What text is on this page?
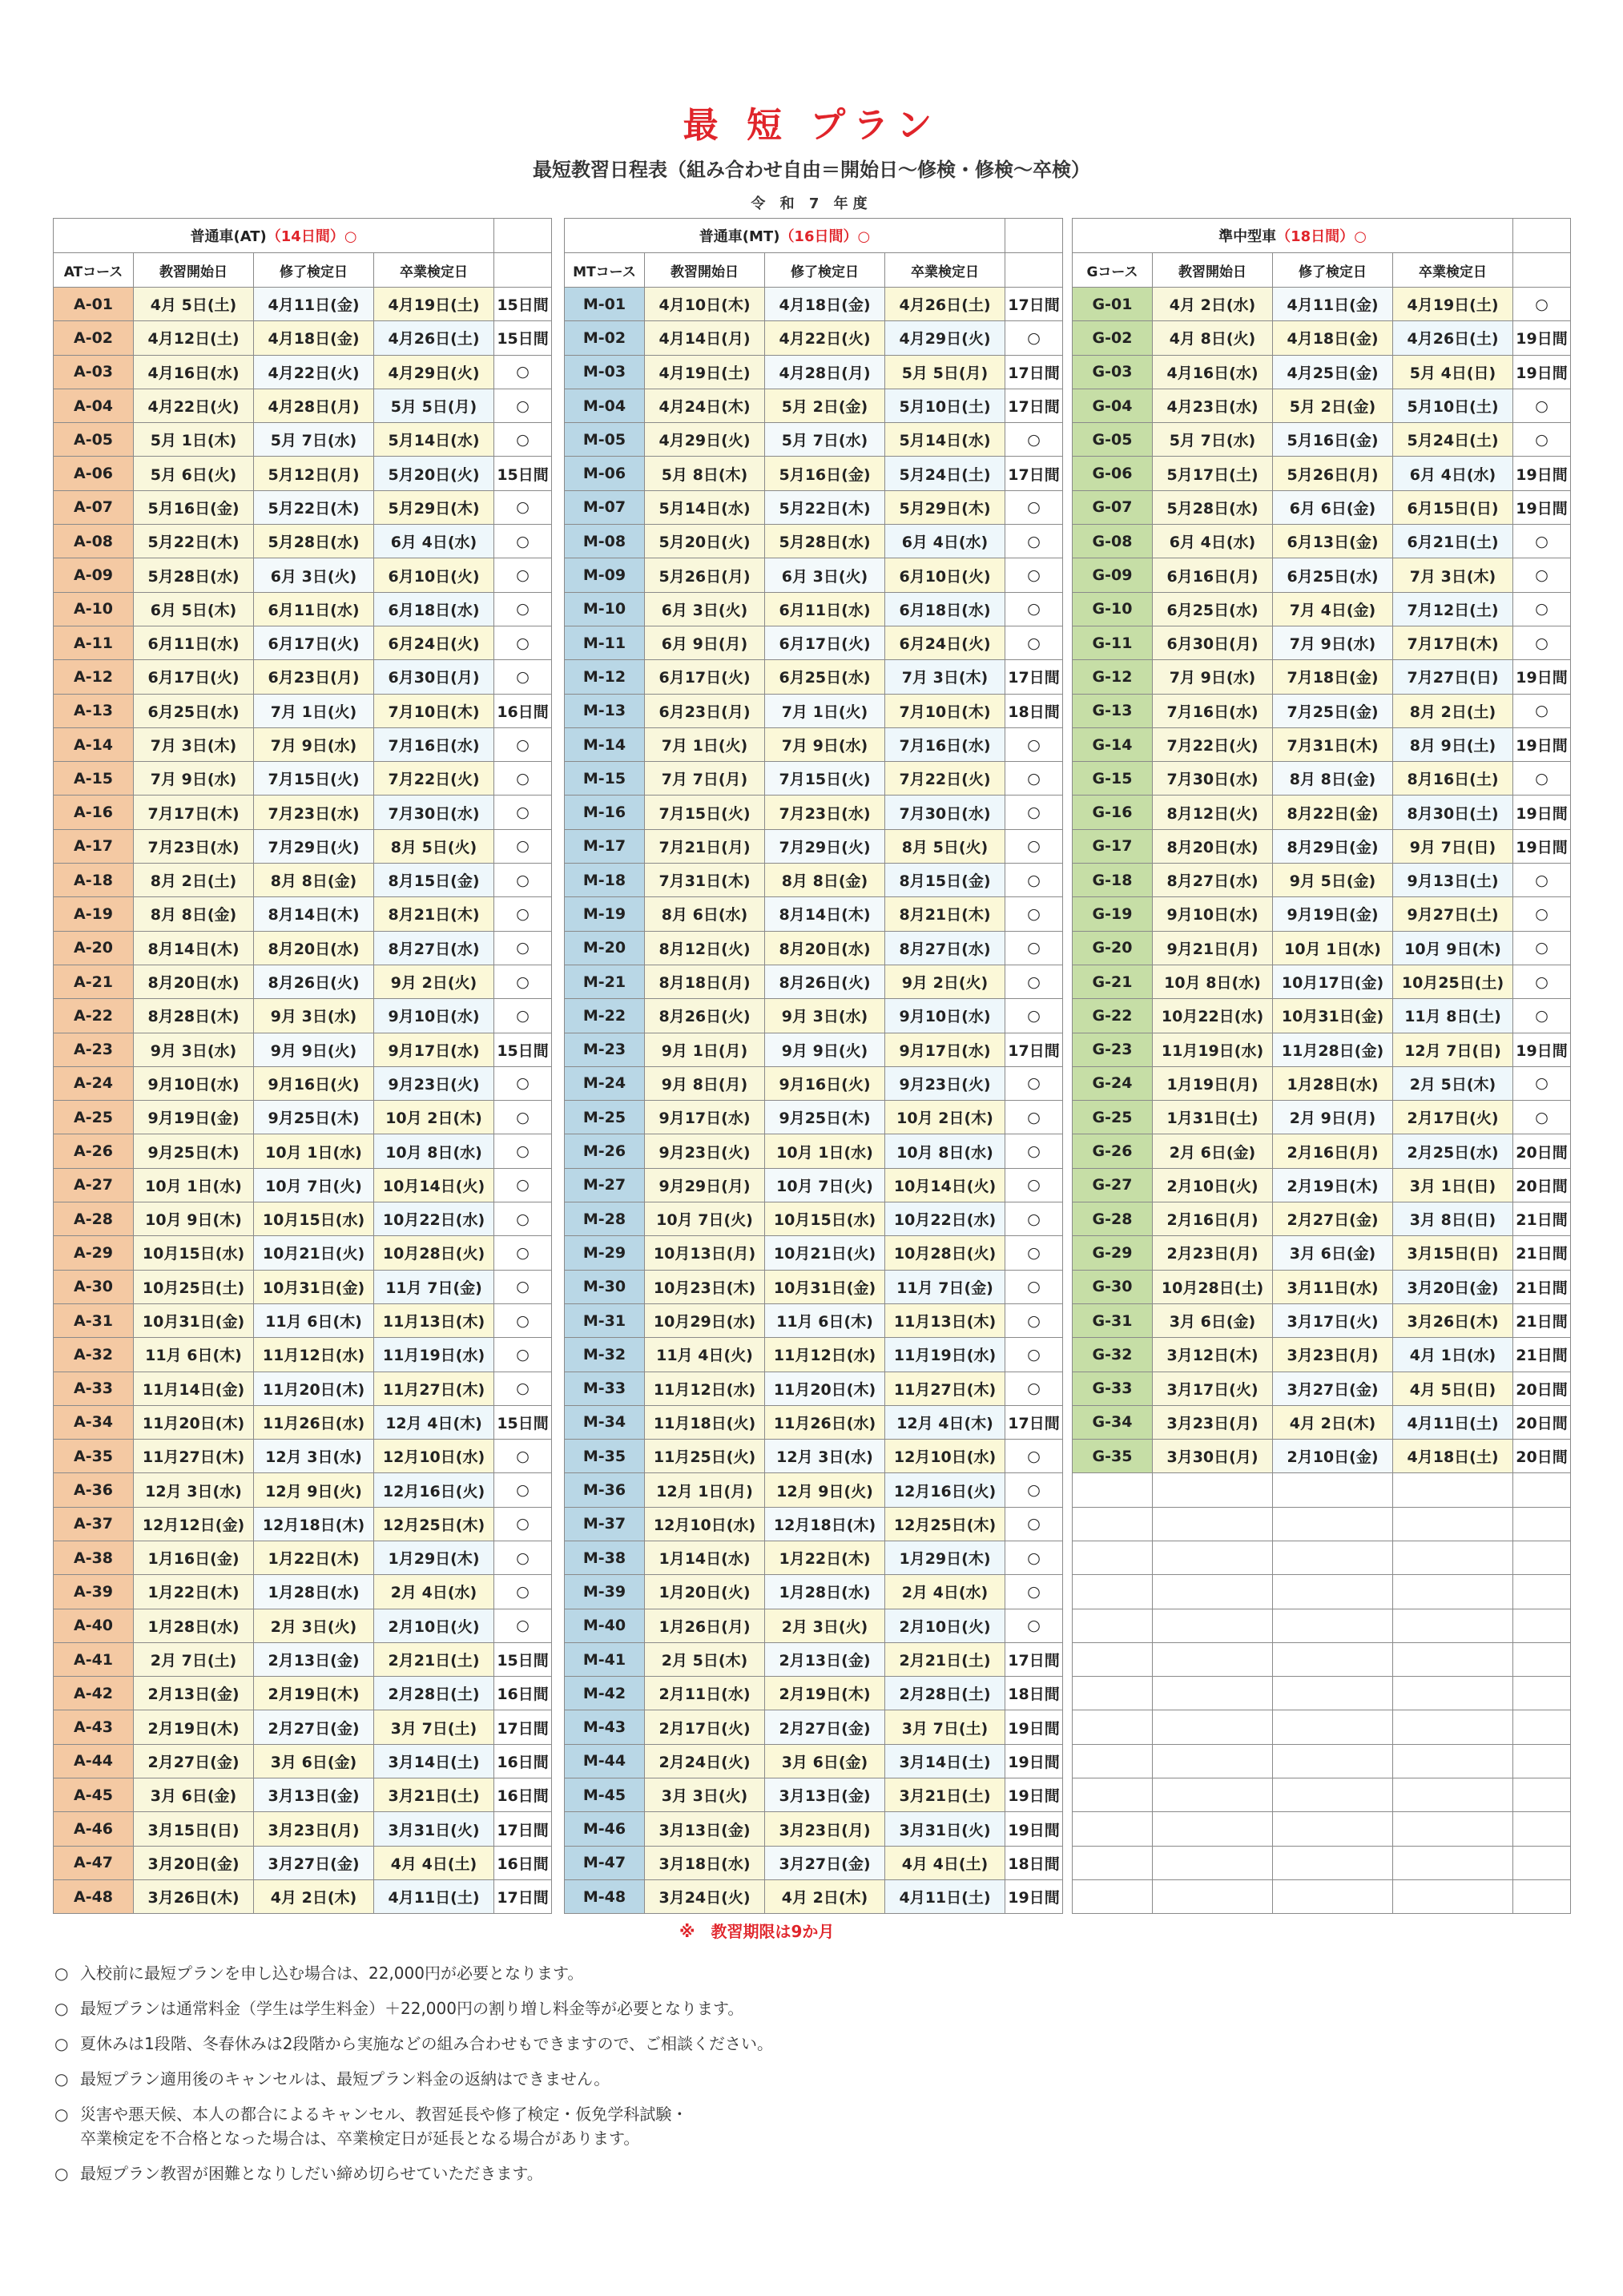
最 短 プラン
最短教習日程表（組み合わせ自由＝開始日～修検・修検～卒検）
令 和 7 年度
普通車(AT)（14日間）○				
ATコース	教習開始日	修了検定日	卒業検定日	
A-01	4月 5日(土)	4月11日(金)	4月19日(土)	15日間
A-02	4月12日(土)	4月18日(金)	4月26日(土)	15日間
A-03	4月16日(水)	4月22日(火)	4月29日(火)	○
A-04	4月22日(火)	4月28日(月)	5月 5日(月)	○
A-05	5月 1日(木)	5月 7日(水)	5月14日(水)	○
A-06	5月 6日(火)	5月12日(月)	5月20日(火)	15日間
A-07	5月16日(金)	5月22日(木)	5月29日(木)	○
A-08	5月22日(木)	5月28日(水)	6月 4日(水)	○
A-09	5月28日(水)	6月 3日(火)	6月10日(火)	○
A-10	6月 5日(木)	6月11日(水)	6月18日(水)	○
A-11	6月11日(水)	6月17日(火)	6月24日(火)	○
A-12	6月17日(火)	6月23日(月)	6月30日(月)	○
A-13	6月25日(水)	7月 1日(火)	7月10日(木)	16日間
A-14	7月 3日(木)	7月 9日(水)	7月16日(水)	○
A-15	7月 9日(水)	7月15日(火)	7月22日(火)	○
A-16	7月17日(木)	7月23日(水)	7月30日(水)	○
A-17	7月23日(水)	7月29日(火)	8月 5日(火)	○
A-18	8月 2日(土)	8月 8日(金)	8月15日(金)	○
A-19	8月 8日(金)	8月14日(木)	8月21日(木)	○
A-20	8月14日(木)	8月20日(水)	8月27日(水)	○
A-21	8月20日(水)	8月26日(火)	9月 2日(火)	○
A-22	8月28日(木)	9月 3日(水)	9月10日(水)	○
A-23	9月 3日(水)	9月 9日(火)	9月17日(水)	15日間
A-24	9月10日(水)	9月16日(火)	9月23日(火)	○
A-25	9月19日(金)	9月25日(木)	10月 2日(木)	○
A-26	9月25日(木)	10月 1日(水)	10月 8日(水)	○
A-27	10月 1日(水)	10月 7日(火)	10月14日(火)	○
A-28	10月 9日(木)	10月15日(水)	10月22日(水)	○
A-29	10月15日(水)	10月21日(火)	10月28日(火)	○
A-30	10月25日(土)	10月31日(金)	11月 7日(金)	○
A-31	10月31日(金)	11月 6日(木)	11月13日(木)	○
A-32	11月 6日(木)	11月12日(水)	11月19日(水)	○
A-33	11月14日(金)	11月20日(木)	11月27日(木)	○
A-34	11月20日(木)	11月26日(水)	12月 4日(木)	15日間
A-35	11月27日(木)	12月 3日(水)	12月10日(水)	○
A-36	12月 3日(水)	12月 9日(火)	12月16日(火)	○
A-37	12月12日(金)	12月18日(木)	12月25日(木)	○
A-38	1月16日(金)	1月22日(木)	1月29日(木)	○
A-39	1月22日(木)	1月28日(水)	2月 4日(水)	○
A-40	1月28日(水)	2月 3日(火)	2月10日(火)	○
A-41	2月 7日(土)	2月13日(金)	2月21日(土)	15日間
A-42	2月13日(金)	2月19日(木)	2月28日(土)	16日間
A-43	2月19日(木)	2月27日(金)	3月 7日(土)	17日間
A-44	2月27日(金)	3月 6日(金)	3月14日(土)	16日間
A-45	3月 6日(金)	3月13日(金)	3月21日(土)	16日間
A-46	3月15日(日)	3月23日(月)	3月31日(火)	17日間
A-47	3月20日(金)	3月27日(金)	4月 4日(土)	16日間
A-48	3月26日(木)	4月 2日(木)	4月11日(土)	17日間
普通車(MT)（16日間）○				
MTコース	教習開始日	修了検定日	卒業検定日	
M-01	4月10日(木)	4月18日(金)	4月26日(土)	17日間
M-02	4月14日(月)	4月22日(火)	4月29日(火)	○
M-03	4月19日(土)	4月28日(月)	5月 5日(月)	17日間
M-04	4月24日(木)	5月 2日(金)	5月10日(土)	17日間
M-05	4月29日(火)	5月 7日(水)	5月14日(水)	○
M-06	5月 8日(木)	5月16日(金)	5月24日(土)	17日間
M-07	5月14日(水)	5月22日(木)	5月29日(木)	○
M-08	5月20日(火)	5月28日(水)	6月 4日(水)	○
M-09	5月26日(月)	6月 3日(火)	6月10日(火)	○
M-10	6月 3日(火)	6月11日(水)	6月18日(水)	○
M-11	6月 9日(月)	6月17日(火)	6月24日(火)	○
M-12	6月17日(火)	6月25日(水)	7月 3日(木)	17日間
M-13	6月23日(月)	7月 1日(火)	7月10日(木)	18日間
M-14	7月 1日(火)	7月 9日(水)	7月16日(水)	○
M-15	7月 7日(月)	7月15日(火)	7月22日(火)	○
M-16	7月15日(火)	7月23日(水)	7月30日(水)	○
M-17	7月21日(月)	7月29日(火)	8月 5日(火)	○
M-18	7月31日(木)	8月 8日(金)	8月15日(金)	○
M-19	8月 6日(水)	8月14日(木)	8月21日(木)	○
M-20	8月12日(火)	8月20日(水)	8月27日(水)	○
M-21	8月18日(月)	8月26日(火)	9月 2日(火)	○
M-22	8月26日(火)	9月 3日(水)	9月10日(水)	○
M-23	9月 1日(月)	9月 9日(火)	9月17日(水)	17日間
M-24	9月 8日(月)	9月16日(火)	9月23日(火)	○
M-25	9月17日(水)	9月25日(木)	10月 2日(木)	○
M-26	9月23日(火)	10月 1日(水)	10月 8日(水)	○
M-27	9月29日(月)	10月 7日(火)	10月14日(火)	○
M-28	10月 7日(火)	10月15日(水)	10月22日(水)	○
M-29	10月13日(月)	10月21日(火)	10月28日(火)	○
M-30	10月23日(木)	10月31日(金)	11月 7日(金)	○
M-31	10月29日(水)	11月 6日(木)	11月13日(木)	○
M-32	11月 4日(火)	11月12日(水)	11月19日(水)	○
M-33	11月12日(水)	11月20日(木)	11月27日(木)	○
M-34	11月18日(火)	11月26日(水)	12月 4日(木)	17日間
M-35	11月25日(火)	12月 3日(水)	12月10日(水)	○
M-36	12月 1日(月)	12月 9日(火)	12月16日(火)	○
M-37	12月10日(水)	12月18日(木)	12月25日(木)	○
M-38	1月14日(水)	1月22日(木)	1月29日(木)	○
M-39	1月20日(火)	1月28日(水)	2月 4日(水)	○
M-40	1月26日(月)	2月 3日(火)	2月10日(火)	○
M-41	2月 5日(木)	2月13日(金)	2月21日(土)	17日間
M-42	2月11日(水)	2月19日(木)	2月28日(土)	18日間
M-43	2月17日(火)	2月27日(金)	3月 7日(土)	19日間
M-44	2月24日(火)	3月 6日(金)	3月14日(土)	19日間
M-45	3月 3日(火)	3月13日(金)	3月21日(土)	19日間
M-46	3月13日(金)	3月23日(月)	3月31日(火)	19日間
M-47	3月18日(水)	3月27日(金)	4月 4日(土)	18日間
M-48	3月24日(火)	4月 2日(木)	4月11日(土)	19日間
準中型車（18日間）○				
Gコース	教習開始日	修了検定日	卒業検定日	
G-01	4月 2日(水)	4月11日(金)	4月19日(土)	○
G-02	4月 8日(火)	4月18日(金)	4月26日(土)	19日間
G-03	4月16日(水)	4月25日(金)	5月 4日(日)	19日間
G-04	4月23日(水)	5月 2日(金)	5月10日(土)	○
G-05	5月 7日(水)	5月16日(金)	5月24日(土)	○
G-06	5月17日(土)	5月26日(月)	6月 4日(水)	19日間
G-07	5月28日(水)	6月 6日(金)	6月15日(日)	19日間
G-08	6月 4日(水)	6月13日(金)	6月21日(土)	○
G-09	6月16日(月)	6月25日(水)	7月 3日(木)	○
G-10	6月25日(水)	7月 4日(金)	7月12日(土)	○
G-11	6月30日(月)	7月 9日(水)	7月17日(木)	○
G-12	7月 9日(水)	7月18日(金)	7月27日(日)	19日間
G-13	7月16日(水)	7月25日(金)	8月 2日(土)	○
G-14	7月22日(火)	7月31日(木)	8月 9日(土)	19日間
G-15	7月30日(水)	8月 8日(金)	8月16日(土)	○
G-16	8月12日(火)	8月22日(金)	8月30日(土)	19日間
G-17	8月20日(水)	8月29日(金)	9月 7日(日)	19日間
G-18	8月27日(水)	9月 5日(金)	9月13日(土)	○
G-19	9月10日(水)	9月19日(金)	9月27日(土)	○
G-20	9月21日(月)	10月 1日(水)	10月 9日(木)	○
G-21	10月 8日(水)	10月17日(金)	10月25日(土)	○
G-22	10月22日(水)	10月31日(金)	11月 8日(土)	○
G-23	11月19日(水)	11月28日(金)	12月 7日(日)	19日間
G-24	1月19日(月)	1月28日(水)	2月 5日(木)	○
G-25	1月31日(土)	2月 9日(月)	2月17日(火)	○
G-26	2月 6日(金)	2月16日(月)	2月25日(水)	20日間
G-27	2月10日(火)	2月19日(木)	3月 1日(日)	20日間
G-28	2月16日(月)	2月27日(金)	3月 8日(日)	21日間
G-29	2月23日(月)	3月 6日(金)	3月15日(日)	21日間
G-30	10月28日(土)	3月11日(水)	3月20日(金)	21日間
G-31	3月 6日(金)	3月17日(火)	3月26日(木)	21日間
G-32	3月12日(木)	3月23日(月)	4月 1日(水)	21日間
G-33	3月17日(火)	3月27日(金)	4月 5日(日)	20日間
G-34	3月23日(月)	4月 2日(木)	4月11日(土)	20日間
G-35	3月30日(月)	2月10日(金)	4月18日(土)	20日間

※　教習期限は9か月
○ 入校前に最短プランを申し込む場合は、22,000円が必要となります。
○ 最短プランは通常料金（学生は学生料金）＋22,000円の割り増し料金等が必要となります。
○ 夏休みは1段階、冬春休みは2段階から実施などの組み合わせもできますので、ご相談ください。
○ 最短プラン適用後のキャンセルは、最短プラン料金の返納はできません。
○ 災害や悪天候、本人の都合によるキャンセル、教習延長や修了検定・仮免学科試験・
卒業検定を不合格となった場合は、卒業検定日が延長となる場合があります。
○ 最短プラン教習が困難となりしだい締め切らせていただきます。
